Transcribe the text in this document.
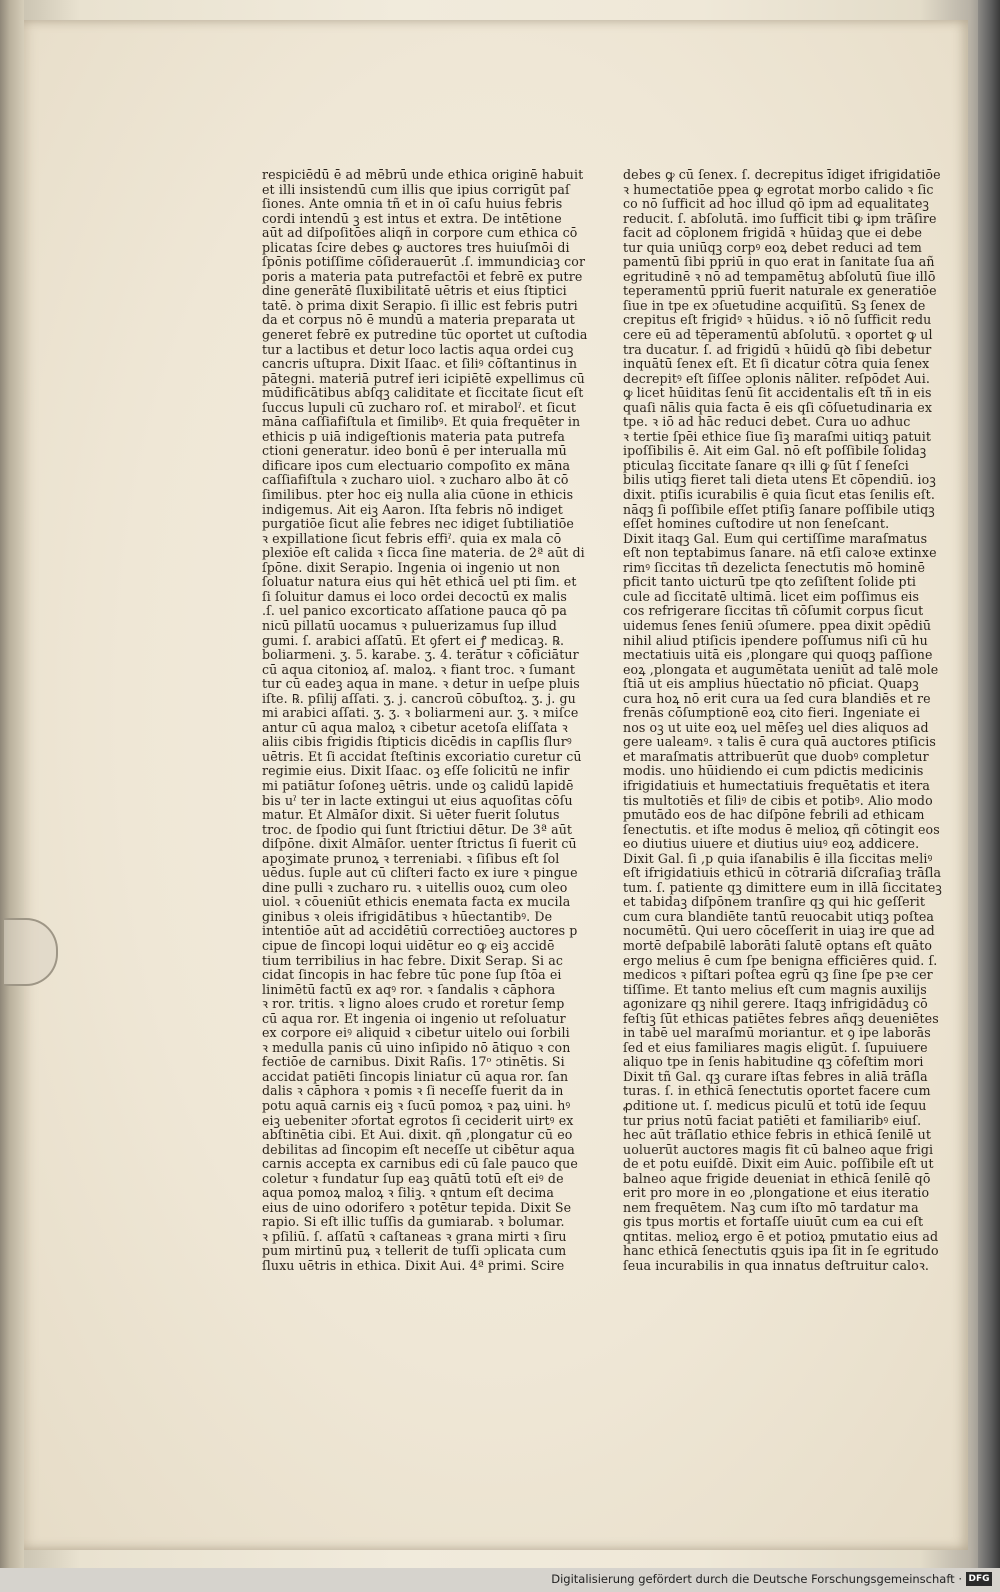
respiciēdū ē ad mēbrū unde ethica originē habuit
et illi insistendū cum illis que ipius corrigūt paſ
ſiones. Ante omnia tñ et in oī caſu huius febris
cordi intendū ꝫ est intus et extra. De intētione
aūt ad diſpoſitōes aliqñ in corpore cum ethica cō
plicatas ſcire debes ꝙ auctores tres huiuſmōi di
ſpōnis potiſſime cōſiderauerūt .ſ. immundiciaꝫ cor
poris a materia pata putrefactōi et febrē ex putre
dine generātē ſluxibilitatē uētris et eius ſtiptici
tatē. ꝺ prima dixit Serapio. ſi illic est febris putri
da et corpus nō ē mundū a materia preparata ut
generet febrē ex putredine tūc oportet ut cuſtodia
tur a lactibus et detur loco lactis aqua ordei cuꝫ
cancris uſtupra. Dixit Iſaac. et ſiliꝰ cōſtantinus in
pātegni. materiā putref ieri icipiētē expellimus cū
mūdificātibus abſqꝫ caliditate et ſiccitate ſicut eſt
ſuccus lupuli cū zucharo roſ. et mirabolˀ. et ſicut
māna caſſiafiſtula et ſimilibꝰ. Et quia frequēter in
ethicis p uiā indigeſtionis materia pata putrefa
ctioni generatur. ideo bonū ē per interualla mū
dificare ipos cum electuario compoſito ex māna
caſſiafiſtula ꝛ zucharo uiol. ꝛ zucharo albo āt cō
ſimilibus. pter hoc eiꝫ nulla alia cūone in ethicis
indigemus. Ait eiꝫ Aaron. Iſta febris nō indiget
purgatiōe ſicut alie febres nec idiget ſubtiliatiōe
ꝛ expillatione ſicut febris effiˀ. quia ex mala cō
plexiōe eſt calida ꝛ ſicca ſine materia. de 2ª aūt di
ſpōne. dixit Serapio. Ingenia oi ingenio ut non
ſoluatur natura eius qui hēt ethicā uel pti ſim. et
ſi ſoluitur damus ei loco ordei decoctū ex malis
.ſ. uel panico excorticato aſſatione pauca qō pa
nicū pillatū uocamus ꝛ puluerizamus ſup illud
gumi. ſ. arabici aſſatū. Et ꝯfert ei ꝭ medicaꝫ. ℞.
boliarmeni. ʒ. 5. karabe. ʒ. 4. terātur ꝛ cōficiātur
cū aqua citonioꝝ aſ. maloꝝ. ꝛ fiant troc. ꝛ ſumant
tur cū eadeꝫ aqua in mane. ꝛ detur in ueſpe pluis
iſte. ℞. pſilij aſſati. ʒ. j. cancroū cōbuſtoꝝ. ʒ. j. gu
mi arabici aſſati. ʒ. ʒ. ꝛ boliarmeni aur. ʒ. ꝛ miſce
antur cū aqua maloꝝ ꝛ cibetur acetoſa eliſſata ꝛ
aliis cibis frigidis ſtipticis dicēdis in capſlis ſlurꝰ
uētris. Et ſi accidat ſteſtinis excoriatio curetur cū
regimie eius. Dixit Iſaac. oꝫ eſſe ſolicitū ne infir
mi patiātur ſoſoneꝫ uētris. unde oꝫ calidū lapidē
bis uˀ ter in lacte extingui ut eius aquoſitas cōſu
matur. Et Almāſor dixit. Si uēter fuerit ſolutus
troc. de ſpodio qui ſunt ſtrictiui dētur. De 3ª aūt
diſpōne. dixit Almāſor. uenter ſtrictus ſi fuerit cū
apoʒimate prunoꝝ ꝛ terreniabi. ꝛ ſiſibus eſt ſol
uēdus. ſuple aut cū cliſteri facto ex iure ꝛ pingue
dine pulli ꝛ zucharo ru. ꝛ uitellis ouoꝝ cum oleo
uiol. ꝛ cōueniūt ethicis enemata facta ex mucila
ginibus ꝛ oleis ifrigidātibus ꝛ hūectantibꝰ. De
intentiōe aūt ad accidētiū correctiōeꝫ auctores p
cipue de ſincopi loqui uidētur eo ꝙ eiꝫ accidē
tium terribilius in hac febre. Dixit Serap. Si ac
cidat ſincopis in hac febre tūc pone ſup ſtōa ei
linimētū factū ex aqꝰ ror. ꝛ ſandalis ꝛ cāphora
ꝛ ror. tritis. ꝛ ligno aloes crudo et roretur ſemp
cū aqua ror. Et ingenia oi ingenio ut reſoluatur
ex corpore eiꝰ aliquid ꝛ cibetur uitelo oui ſorbili
ꝛ medulla panis cū uino inſipido nō ātiquo ꝛ con
fectiōe de carnibus. Dixit Raſis. 17ᵒ ɔtinētis. Si
accidat patiēti ſincopis liniatur cū aqua ror. ſan
dalis ꝛ cāphora ꝛ pomis ꝛ ſi neceſſe fuerit da in
potu aquā carnis eiꝫ ꝛ ſucū pomoꝝ ꝛ paꝝ uini. hꝰ
eiꝫ uebeniter ɔfortat egrotos ſi ceciderit uirtꝰ ex
abſtinētia cibi. Et Aui. dixit. qñ ,plongatur cū eo
debilitas ad ſincopim eſt neceſſe ut cibētur aqua
carnis accepta ex carnibus edi cū ſale pauco que
coletur ꝛ fundatur ſup eaꝫ quātū totū eſt eiꝰ de
aqua pomoꝝ maloꝝ ꝛ ſiliꝫ. ꝛ qntum eſt decima
eius de uino odorifero ꝛ potētur tepida. Dixit Se
rapio. Si eſt illic tuſſis da gumiarab. ꝛ bolumar.
ꝛ pſiliū. ſ. aſſatū ꝛ caſtaneas ꝛ grana mirti ꝛ ſiru
pum mirtinū puꝝ ꝛ tellerit de tuſſi ɔplicata cum
ſluxu uētris in ethica. Dixit Aui. 4ª primi. Scire
debes ꝙ cū ſenex. ſ. decrepitus īdiget ifrigidatiōe
ꝛ humectatiōe ppea ꝙ egrotat morbo calido ꝛ ſic
co nō ſufficit ad hoc illud qō ipm ad equalitateꝫ
reducit. ſ. abſolutā. imo ſufficit tibi ꝙ ipm trāſire
facit ad cōplonem frigidā ꝛ hūidaꝫ que ei debe
tur quia uniūqꝫ corpꝰ eoꝝ debet reduci ad tem
pamentū ſibi ppriū in quo erat in ſanitate ſua añ
egritudinē ꝛ nō ad tempamētuꝫ abſolutū ſiue illō
teperamentū ppriū fuerit naturale ex generatiōe
ſiue in tpe ex ɔſuetudine acquiſitū. Sꝫ ſenex de
crepitus eſt frigidꝰ ꝛ hūidus. ꝛ iō nō ſufficit redu
cere eū ad tēperamentū abſolutū. ꝛ oportet ꝙ ul
tra ducatur. ſ. ad frigidū ꝛ hūidū qꝺ ſibi debetur
inquātū ſenex eſt. Et ſi dicatur cōtra quia ſenex
decrepitꝰ eſt ſiſſee ɔplonis nāliter. reſpōdet Aui.
ꝙ licet hūiditas ſenū ſit accidentalis eſt tñ in eis
quaſi nālis quia facta ē eis qſi cōſuetudinaria ex
tpe. ꝛ iō ad hāc reduci debet. Cura uo adhuc
ꝛ tertie ſpēi ethice ſiue ſiꝫ maraſmi uitiqꝫ patuit
ipoſſibilis ē. Ait eim Gal. nō eſt poſſibile ſolidaꝫ
pticulaꝫ ſiccitate ſanare qꝛ illi ꝙ ſūt ſ ſeneſci
bilis utiqꝫ fieret tali dieta utens Et cōpendiū. ioꝫ
dixit. ptiſis icurabilis ē quia ſicut etas ſenilis eſt.
nāqꝫ ſi poſſibile eſſet ptiſiꝫ ſanare poſſibile utiqꝫ
eſſet homines cuſtodire ut non ſeneſcant.
Dixit itaqꝫ Gal. Eum qui certiſſime maraſmatus
eſt non teptabimus ſanare. nā etſi caloꝛe extinxe
rimꝰ ſiccitas tñ dezelicta ſenectutis mō hominē
pficit tanto uicturū tpe qto zeſiſtent ſolide pti
cule ad ſiccitatē ultimā. licet eim poſſimus eis
cos refrigerare ſiccitas tñ cōſumit corpus ſicut
uidemus ſenes ſeniū ɔſumere. ppea dixit ɔpēdiū
nihil aliud ptiſicis ipendere poſſumus niſi cū hu
mectatiuis uitā eis ,plongare qui quoqꝫ paſſione
eoꝝ ,plongata et augumētata ueniūt ad talē mole
ſtiā ut eis amplius hūectatio nō pficiat. Quapꝫ
cura hoꝝ nō erit cura ua ſed cura blandiēs et re
frenās cōſumptionē eoꝝ cito fieri. Ingeniate ei
nos oꝫ ut uite eoꝝ uel mēſeꝫ uel dies aliquos ad
gere ualeamꝰ. ꝛ talis ē cura quā auctores ptiſicis
et maraſmatis attribuerūt que duobꝰ completur
modis. uno hūidiendo ei cum pdictis medicinis
ifrigidatiuis et humectatiuis frequētatis et itera
tis multotiēs et ſiliꝰ de cibis et potibꝰ. Alio modo
pmutādo eos de hac diſpōne febrili ad ethicam
ſenectutis. et iſte modus ē melioꝝ qñ cōtingit eos
eo diutius uiuere et diutius uiuꝰ eoꝝ addicere.
Dixit Gal. ſi ,p quia iſanabilis ē illa ſiccitas meliꝰ
eſt ifrigidatiuis ethicū in cōtrariā diſcraſiaꝫ trāſla
tum. ſ. patiente qꝫ dimittere eum in illā ſiccitateꝫ
et tabidaꝫ diſpōnem tranſire qꝫ qui hic geſſerit
cum cura blandiēte tantū reuocabit utiqꝫ poſtea
nocumētū. Qui uero cōceſſerit in uiaꝫ ire que ad
mortē deſpabilē laborāti ſalutē optans eſt quāto
ergo melius ē cum ſpe benigna efficiēres quid. ſ.
medicos ꝛ piſtari poſtea egrū qꝫ ſine ſpe pꝛe cer
tiſſime. Et tanto melius eſt cum magnis auxilijs
agonizare qꝫ nihil gerere. Itaqꝫ infrigidāduꝫ cō
feſtiꝫ ſūt ethicas patiētes febres añqꝫ deueniētes
in tabē uel maraſmū moriantur. et ꝯ ipe laborās
ſed et eius familiares magis eligūt. ſ. ſupuiuere
aliquo tpe in ſenis habitudine qꝫ cōfeſtim mori
Dixit tñ Gal. qꝫ curare iſtas febres in aliā trāſla
turas. ſ. in ethicā ſenectutis oportet facere cum
ꝓditione ut. ſ. medicus piculū et totū ide ſequu
tur prius notū faciat patiēti et familiaribꝰ eiuſ.
hec aūt trāſlatio ethice febris in ethicā ſenilē ut
uoluerūt auctores magis fit cū balneo aque frigi
de et potu euiſdē. Dixit eim Auic. poſſibile eſt ut
balneo aque frigide deueniat in ethicā ſenilē qō
erit pro more in eo ,plongatione et eius iteratio
nem frequētem. Naꝫ cum iſto mō tardatur ma
gis tpus mortis et fortaſſe uiuūt cum ea cui eſt
qntitas. melioꝝ ergo ē et potioꝝ pmutatio eius ad
hanc ethicā ſenectutis qꝫuis ipa ſit in ſe egritudo
ſeua incurabilis in qua innatus deſtruitur caloꝛ.
Digitalisierung gefördert durch die Deutsche Forschungsgemeinschaft · DFG
